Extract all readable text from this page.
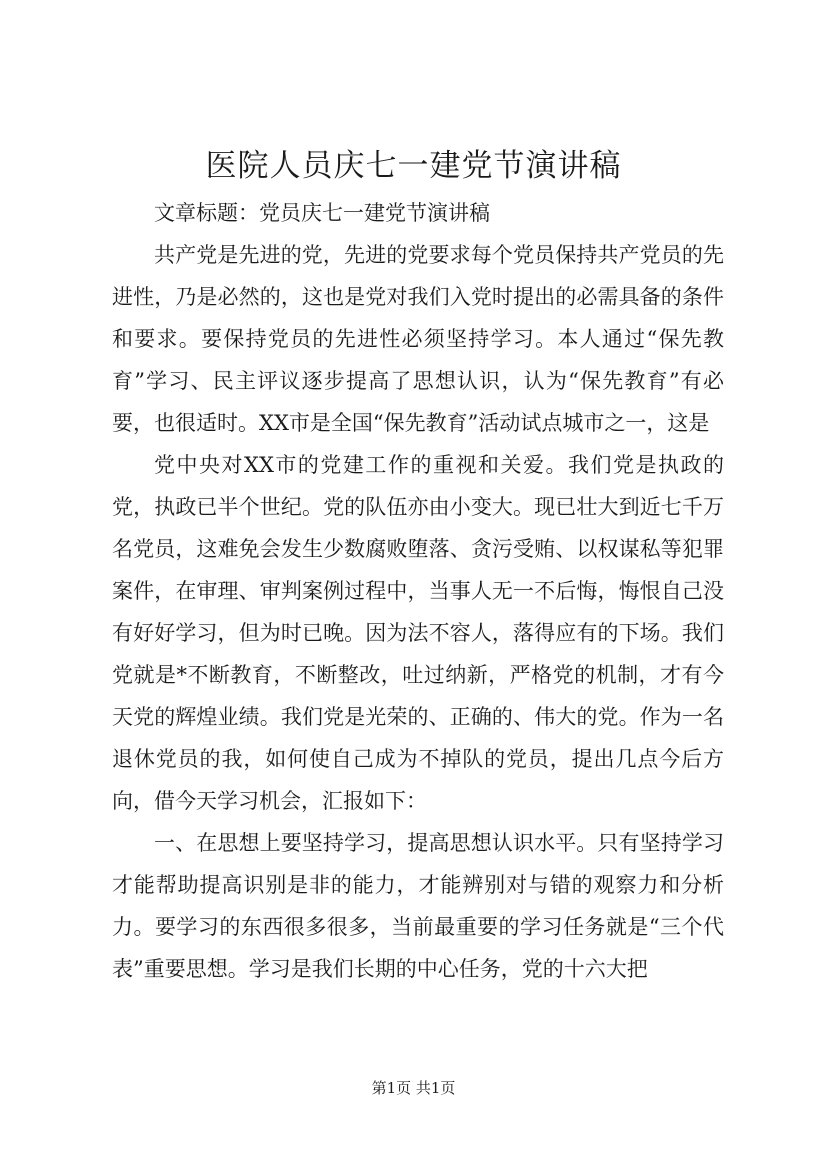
医院人员庆七一建党节演讲稿

文章标题：党员庆七一建党节演讲稿

共产党是先进的党，先进的党要求每个党员保持共产党员的先进性，乃是必然的，这也是党对我们入党时提出的必需具备的条件和要求。要保持党员的先进性必须坚持学习。本人通过“保先教育”学习、民主评议逐步提高了思想认识，认为“保先教育”有必要，也很适时。XX市是全国“保先教育”活动试点城市之一，这是

党中央对XX市的党建工作的重视和关爱。我们党是执政的党，执政已半个世纪。党的队伍亦由小变大。现已壮大到近七千万名党员，这难免会发生少数腐败堕落、贪污受贿、以权谋私等犯罪案件，在审理、审判案例过程中，当事人无一不后悔，悔恨自己没有好好学习，但为时已晚。因为法不容人，落得应有的下场。我们党就是*不断教育，不断整改，吐过纳新，严格党的机制，才有今天党的辉煌业绩。我们党是光荣的、正确的、伟大的党。作为一名退休党员的我，如何使自己成为不掉队的党员，提出几点今后方向，借今天学习机会，汇报如下：

一、在思想上要坚持学习，提高思想认识水平。只有坚持学习才能帮助提高识别是非的能力，才能辨别对与错的观察力和分析力。要学习的东西很多很多，当前最重要的学习任务就是“三个代表”重要思想。学习是我们长期的中心任务，党的十六大把

第1页 共1页
